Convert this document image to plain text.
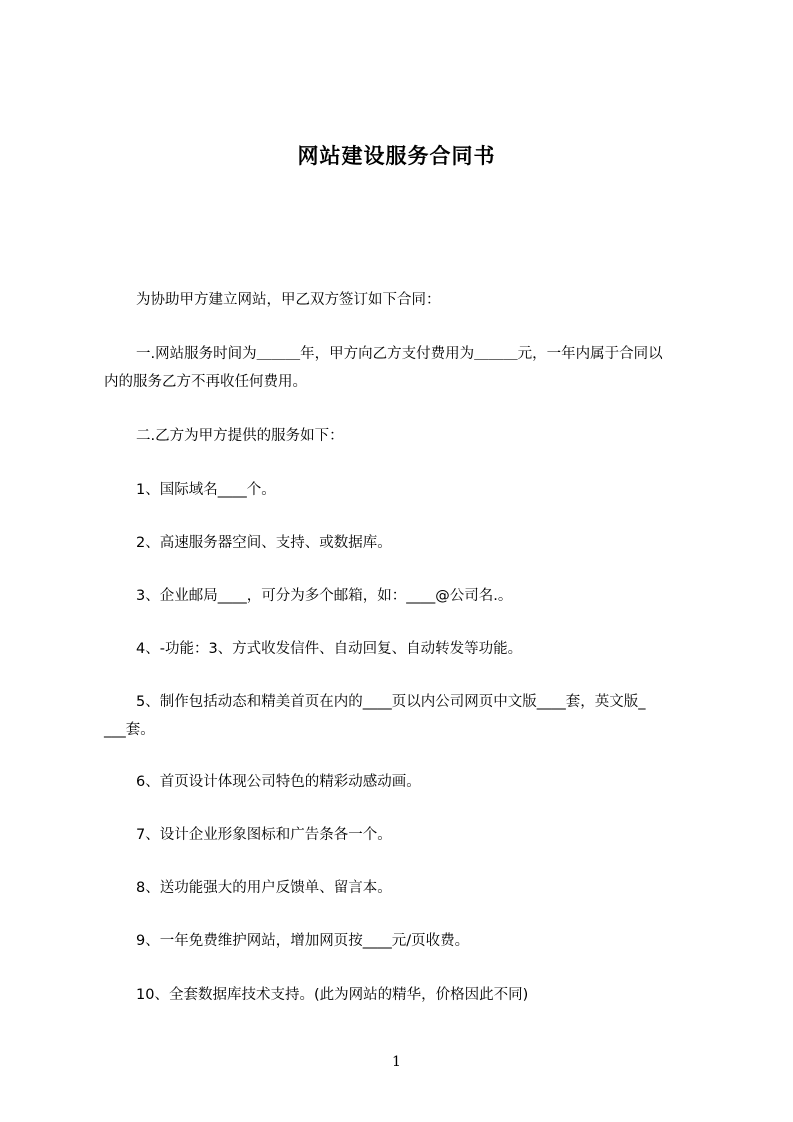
网站建设服务合同书

为协助甲方建立网站，甲乙双方签订如下合同：

一.网站服务时间为＿＿＿年，甲方向乙方支付费用为＿＿＿元，一年内属于合同以

内的服务乙方不再收任何费用。

二.乙方为甲方提供的服务如下：

1、国际域名____个。

2、高速服务器空间、支持、或数据库。

3、企业邮局____，可分为多个邮箱，如：____@公司名.。

4、-功能：3、方式收发信件、自动回复、自动转发等功能。

5、制作包括动态和精美首页在内的____页以内公司网页中文版____套，英文版_

___套。

6、首页设计体现公司特色的精彩动感动画。

7、设计企业形象图标和广告条各一个。

8、送功能强大的用户反馈单、留言本。

9、一年免费维护网站，增加网页按____元/页收费。

10、全套数据库技术支持。(此为网站的精华，价格因此不同)

1
